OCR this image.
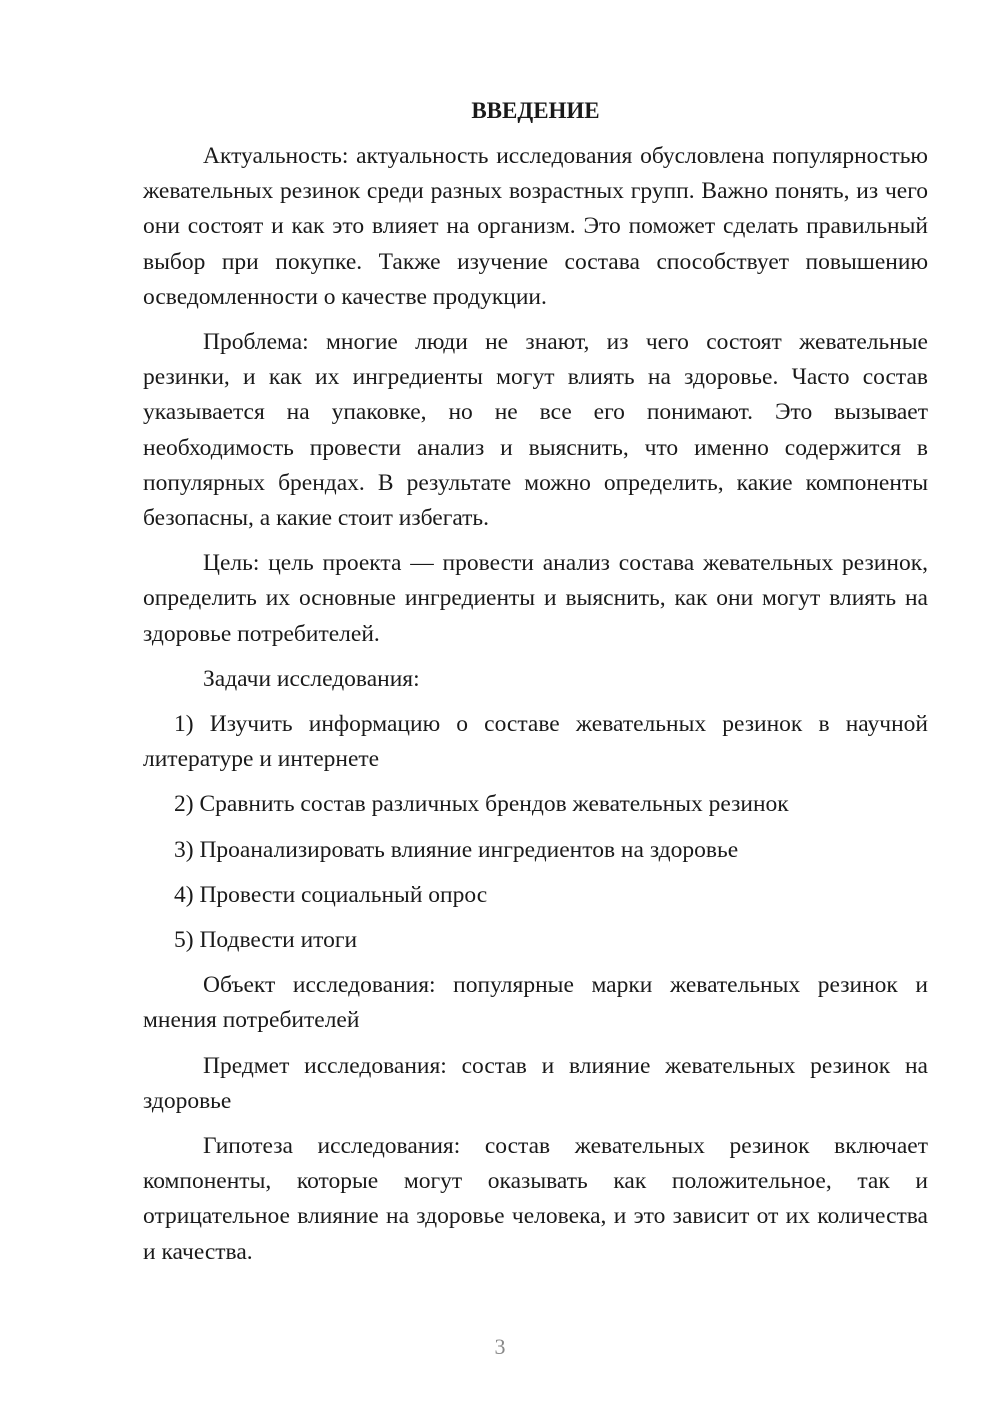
ВВЕДЕНИЕ

Актуальность: актуальность исследования обусловлена популярностью жевательных резинок среди разных возрастных групп. Важно понять, из чего они состоят и как это влияет на организм. Это поможет сделать правильный выбор при покупке. Также изучение состава способствует повышению осведомленности о качестве продукции.

Проблема: многие люди не знают, из чего состоят жевательные резинки, и как их ингредиенты могут влиять на здоровье. Часто состав указывается на упаковке, но не все его понимают. Это вызывает необходимость провести анализ и выяснить, что именно содержится в популярных брендах. В результате можно определить, какие компоненты безопасны, а какие стоит избегать.

Цель: цель проекта — провести анализ состава жевательных резинок, определить их основные ингредиенты и выяснить, как они могут влиять на здоровье потребителей.

Задачи исследования:

1) Изучить информацию о составе жевательных резинок в научной литературе и интернете

2) Сравнить состав различных брендов жевательных резинок

3) Проанализировать влияние ингредиентов на здоровье

4) Провести социальный опрос

5) Подвести итоги

Объект исследования: популярные марки жевательных резинок и мнения потребителей

Предмет исследования: состав и влияние жевательных резинок на здоровье

Гипотеза исследования: состав жевательных резинок включает компоненты, которые могут оказывать как положительное, так и отрицательное влияние на здоровье человека, и это зависит от их количества и качества.

3
